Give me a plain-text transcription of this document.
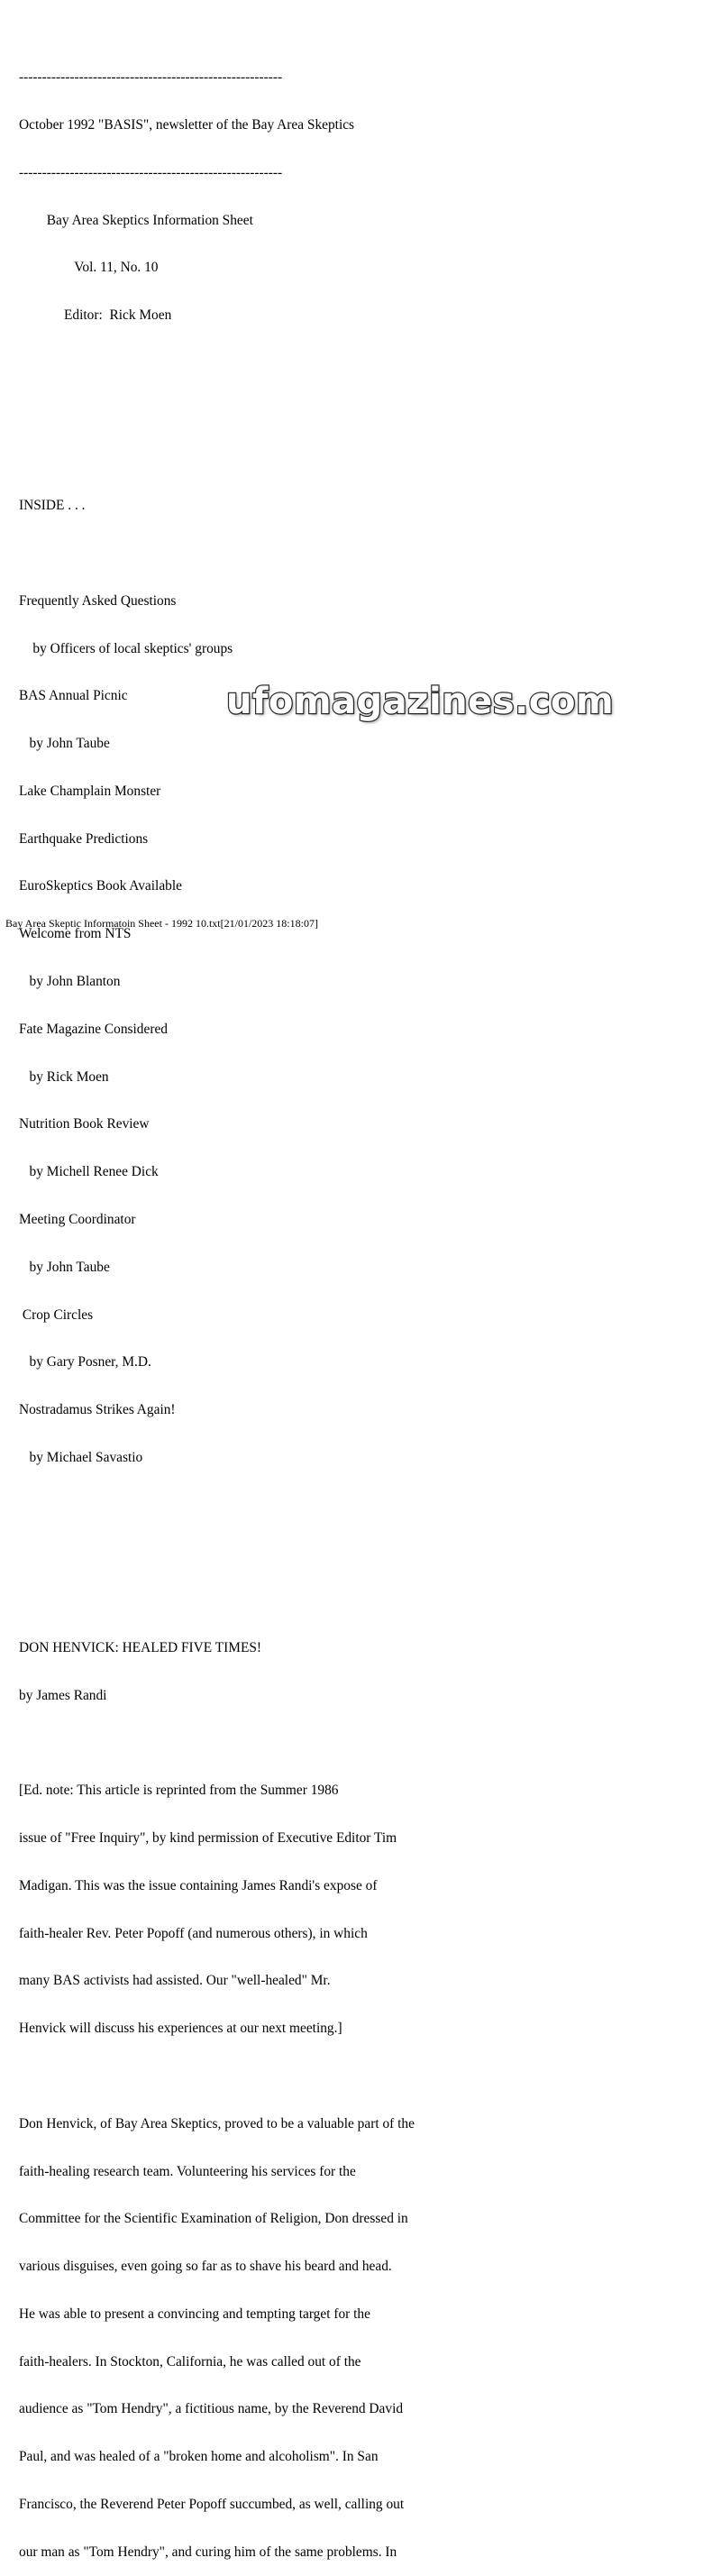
---------------------------------------------------------

October 1992 "BASIS", newsletter of the Bay Area Skeptics

---------------------------------------------------------

Bay Area Skeptics Information Sheet

Vol. 11, No. 10

Editor:  Rick Moen

INSIDE . . .

Frequently Asked Questions

by Officers of local skeptics' groups

BAS Annual Picnic

by John Taube

Lake Champlain Monster

Earthquake Predictions

EuroSkeptics Book Available

Welcome from NTS

by John Blanton

Fate Magazine Considered

by Rick Moen

Nutrition Book Review

by Michell Renee Dick

Meeting Coordinator

by John Taube

Crop Circles

by Gary Posner, M.D.

Nostradamus Strikes Again!

by Michael Savastio

DON HENVICK: HEALED FIVE TIMES!

by James Randi

[Ed. note: This article is reprinted from the Summer 1986

issue of "Free Inquiry", by kind permission of Executive Editor Tim

Madigan. This was the issue containing James Randi's expose of

faith-healer Rev. Peter Popoff (and numerous others), in which

many BAS activists had assisted. Our "well-healed" Mr.

Henvick will discuss his experiences at our next meeting.]

Don Henvick, of Bay Area Skeptics, proved to be a valuable part of the

faith-healing research team. Volunteering his services for the

Committee for the Scientific Examination of Religion, Don dressed in

various disguises, even going so far as to shave his beard and head.

He was able to present a convincing and tempting target for the

faith-healers. In Stockton, California, he was called out of the

audience as "Tom Hendry", a fictitious name, by the Reverend David

Paul, and was healed of a "broken home and alcoholism". In San

Francisco, the Reverend Peter Popoff succumbed, as well, calling out

our man as "Tom Hendry", and curing him of the same problems. In

ufomagazines.com
Bay Area Skeptic Informatoin Sheet - 1992 10.txt[21/01/2023 18:18:07]
